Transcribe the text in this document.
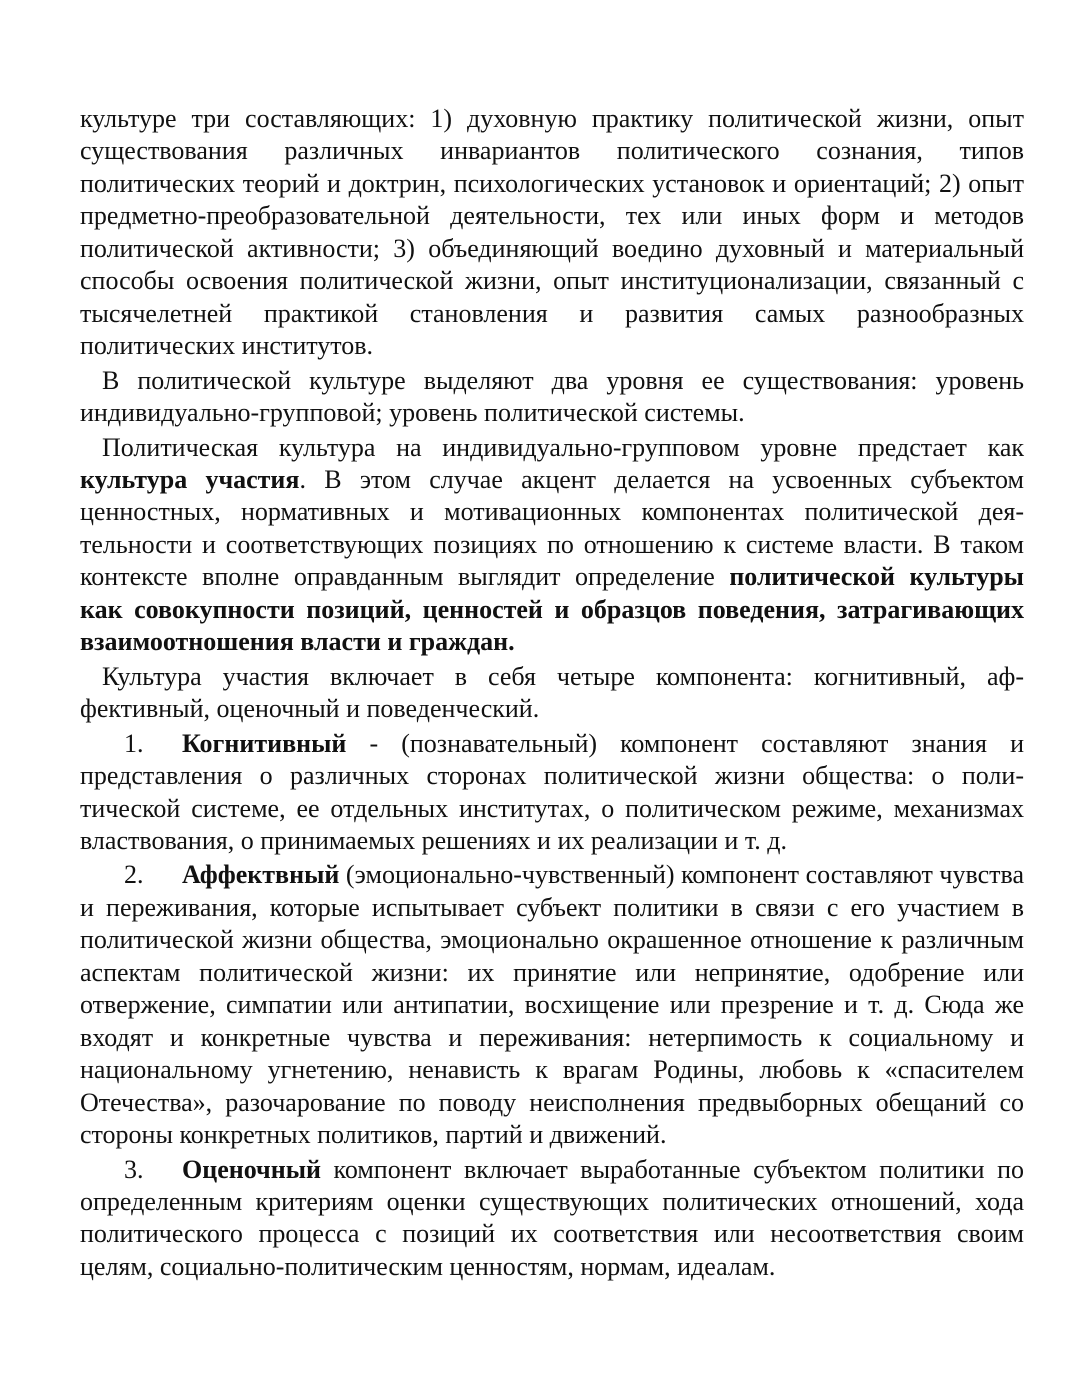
культуре три составляющих: 1) духовную практику политической жизни, опыт существования различных инвариантов политического сознания, типов политических теорий и доктрин, психологических установок и ориентаций; 2) опыт предметно-преобразовательной деятельности, тех или иных форм и методов политической активности; 3) объединяющий воедино духовный и материальный способы освоения политической жизни, опыт институционализации, связанный с тысячелетней практикой становления и развития самых разнообразных политических институтов.

В политической культуре выделяют два уровня ее существования: уровень индивидуально-групповой; уровень политической системы.

Политическая культура на индивидуально-групповом уровне предстает как культура участия. В этом случае акцент делается на усвоенных субъектом ценностных, нормативных и мотивационных компонентах политической деятельности и соответствующих позициях по отношению к системе власти. В таком контексте вполне оправданным выглядит определение политической культуры как совокупности позиций, ценностей и образцов поведения, затрагивающих взаимоотношения власти и граждан.

Культура участия включает в себя четыре компонента: когнитивный, аффективный, оценочный и поведенческий.

1. Когнитивный - (познавательный) компонент составляют знания и представления о различных сторонах политической жизни общества: о политической системе, ее отдельных институтах, о политическом режиме, механизмах властвования, о принимаемых решениях и их реализации и т. д.

2. Аффектвный (эмоционально-чувственный) компонент составляют чувства и переживания, которые испытывает субъект политики в связи с его участием в политической жизни общества, эмоционально окрашенное отношение к различным аспектам политической жизни: их принятие или непринятие, одобрение или отвержение, симпатии или антипатии, восхищение или презрение и т. д. Сюда же входят и конкретные чувства и переживания: нетерпимость к социальному и национальному угнетению, ненависть к врагам Родины, любовь к «спасителем Отечества», разочарование по поводу неисполнения предвыборных обещаний со стороны конкретных политиков, партий и движений.

3. Оценочный компонент включает выработанные субъектом политики по определенным критериям оценки существующих политических отношений, хода политического процесса с позиций их соответствия или несоответствия своим целям, социально-политическим ценностям, нормам, идеалам.
